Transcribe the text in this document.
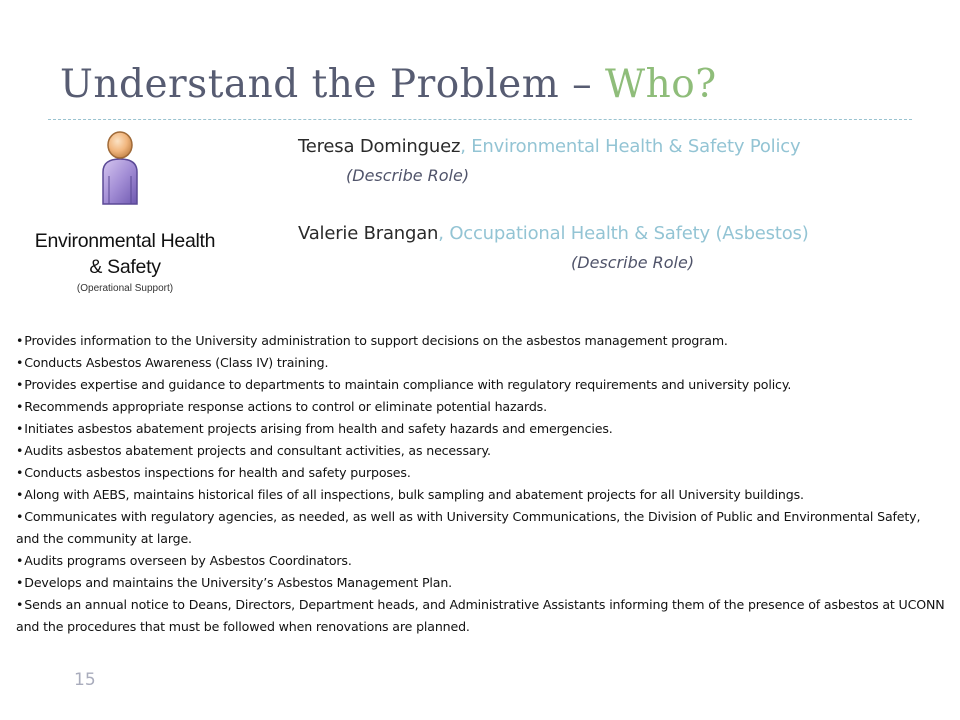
Understand the Problem – Who?
Environmental Health
& Safety
(Operational Support)
Teresa Dominguez, Environmental Health & Safety Policy
(Describe Role)
Valerie Brangan, Occupational Health & Safety (Asbestos)
(Describe Role)
• Provides information to the University administration to support decisions on the asbestos management program.
• Conducts Asbestos Awareness (Class IV) training.
• Provides expertise and guidance to departments to maintain compliance with regulatory requirements and university policy.
• Recommends appropriate response actions to control or eliminate potential hazards.
• Initiates asbestos abatement projects arising from health and safety hazards and emergencies.
• Audits asbestos abatement projects and consultant activities, as necessary.
• Conducts asbestos inspections for health and safety purposes.
• Along with AEBS, maintains historical files of all inspections, bulk sampling and abatement projects for all University buildings.
• Communicates with regulatory agencies, as needed, as well as with University Communications, the Division of Public and Environmental Safety, and the community at large.
• Audits programs overseen by Asbestos Coordinators.
• Develops and maintains the University’s Asbestos Management Plan.
• Sends an annual notice to Deans, Directors, Department heads, and Administrative Assistants informing them of the presence of asbestos at UCONN and the procedures that must be followed when renovations are planned.
15
